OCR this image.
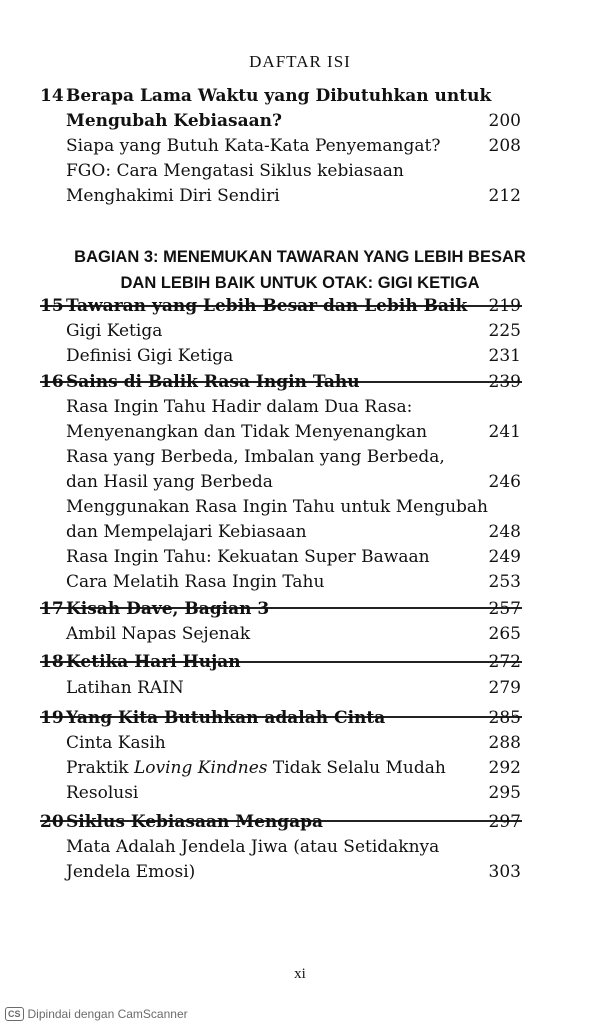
DAFTAR ISI
14 Berapa Lama Waktu yang Dibutuhkan untuk
Mengubah Kebiasaan?	200
Siapa yang Butuh Kata-Kata Penyemangat?	208
FGO: Cara Mengatasi Siklus kebiasaan
Menghakimi Diri Sendiri	212
BAGIAN 3: MENEMUKAN TAWARAN YANG LEBIH BESAR
DAN LEBIH BAIK UNTUK OTAK: GIGI KETIGA
15 Tawaran yang Lebih Besar dan Lebih Baik 219
Gigi Ketiga	225
Definisi Gigi Ketiga	231
16 Sains di Balik Rasa Ingin Tahu	239
Rasa Ingin Tahu Hadir dalam Dua Rasa:
Menyenangkan dan Tidak Menyenangkan	241
Rasa yang Berbeda, Imbalan yang Berbeda,
dan Hasil yang Berbeda	246
Menggunakan Rasa Ingin Tahu untuk Mengubah
dan Mempelajari Kebiasaan	248
Rasa Ingin Tahu: Kekuatan Super Bawaan	249
Cara Melatih Rasa Ingin Tahu	253
17 Kisah Dave, Bagian 3	257
Ambil Napas Sejenak	265
18 Ketika Hari Hujan	272
Latihan RAIN	279
19 Yang Kita Butuhkan adalah Cinta	285
Cinta Kasih	288
Praktik Loving Kindnes Tidak Selalu Mudah	292
Resolusi	295
20 Siklus Kebiasaan Mengapa	297
Mata Adalah Jendela Jiwa (atau Setidaknya
Jendela Emosi)	303
xi
CS Dipindai dengan CamScanner
